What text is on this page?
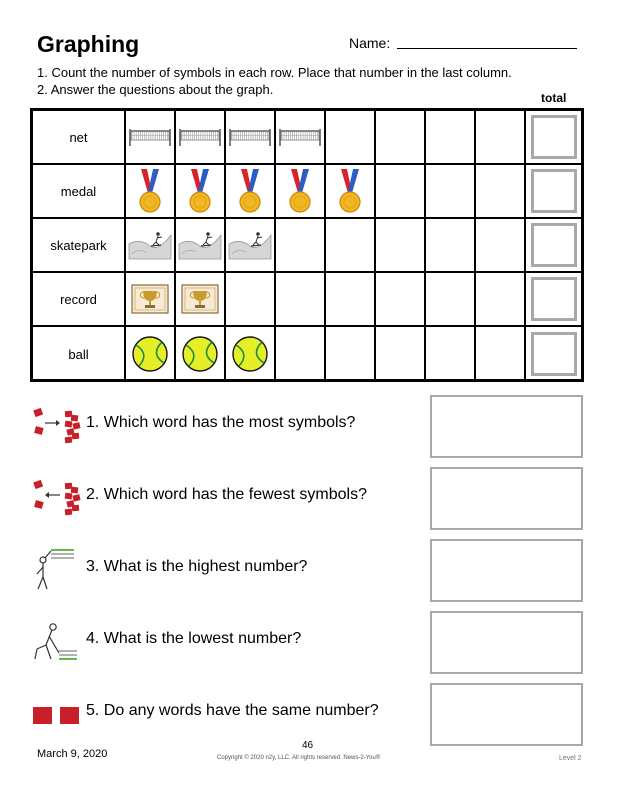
Graphing	Name:
1. Count the number of symbols in each row. Place that number in the last column.
2. Answer the questions about the graph.
total
net
medal
skatepark
record
ball
1. Which word has the most symbols?
2. Which word has the fewest symbols?
3. What is the highest number?
4. What is the lowest number?
5. Do any words have the same number?
March 9, 2020
46
Copyright © 2020 n2y, LLC. All rights reserved. News-2-You®	Level 2
